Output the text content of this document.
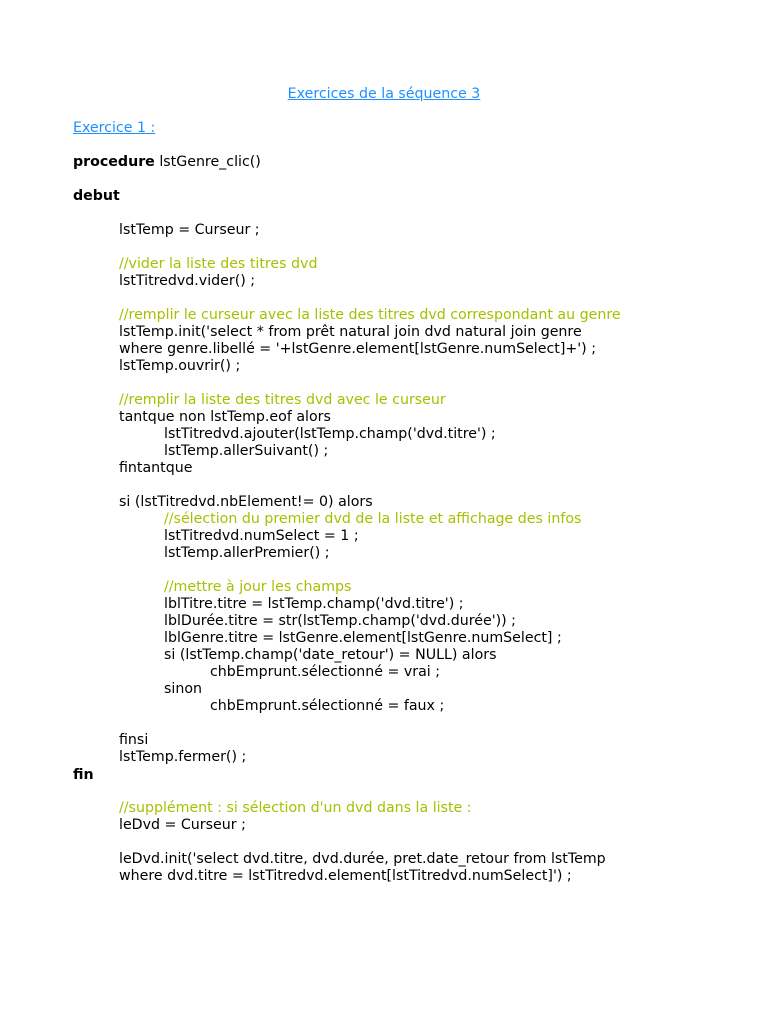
Exercices de la séquence 3
Exercice 1 :
procedure lstGenre_clic()
debut
lstTemp = Curseur ;
//vider la liste des titres dvd
lstTitredvd.vider() ;
//remplir le curseur avec la liste des titres dvd correspondant au genre
lstTemp.init('select * from prêt natural join dvd natural join genre
where genre.libellé = '+lstGenre.element[lstGenre.numSelect]+') ;
lstTemp.ouvrir() ;
//remplir la liste des titres dvd avec le curseur
tantque non lstTemp.eof alors
lstTitredvd.ajouter(lstTemp.champ('dvd.titre') ;
lstTemp.allerSuivant() ;
fintantque
si (lstTitredvd.nbElement!= 0) alors
//sélection du premier dvd de la liste et affichage des infos
lstTitredvd.numSelect = 1 ;
lstTemp.allerPremier() ;
//mettre à jour les champs
lblTitre.titre = lstTemp.champ('dvd.titre') ;
lblDurée.titre = str(lstTemp.champ('dvd.durée')) ;
lblGenre.titre = lstGenre.element[lstGenre.numSelect] ;
si (lstTemp.champ('date_retour') = NULL) alors
chbEmprunt.sélectionné = vrai ;
sinon
chbEmprunt.sélectionné = faux ;
finsi
lstTemp.fermer() ;
//supplément : si sélection d'un dvd dans la liste :
leDvd = Curseur ;
leDvd.init('select dvd.titre, dvd.durée, pret.date_retour from lstTemp
where dvd.titre = lstTitredvd.element[lstTitredvd.numSelect]') ;
fin
